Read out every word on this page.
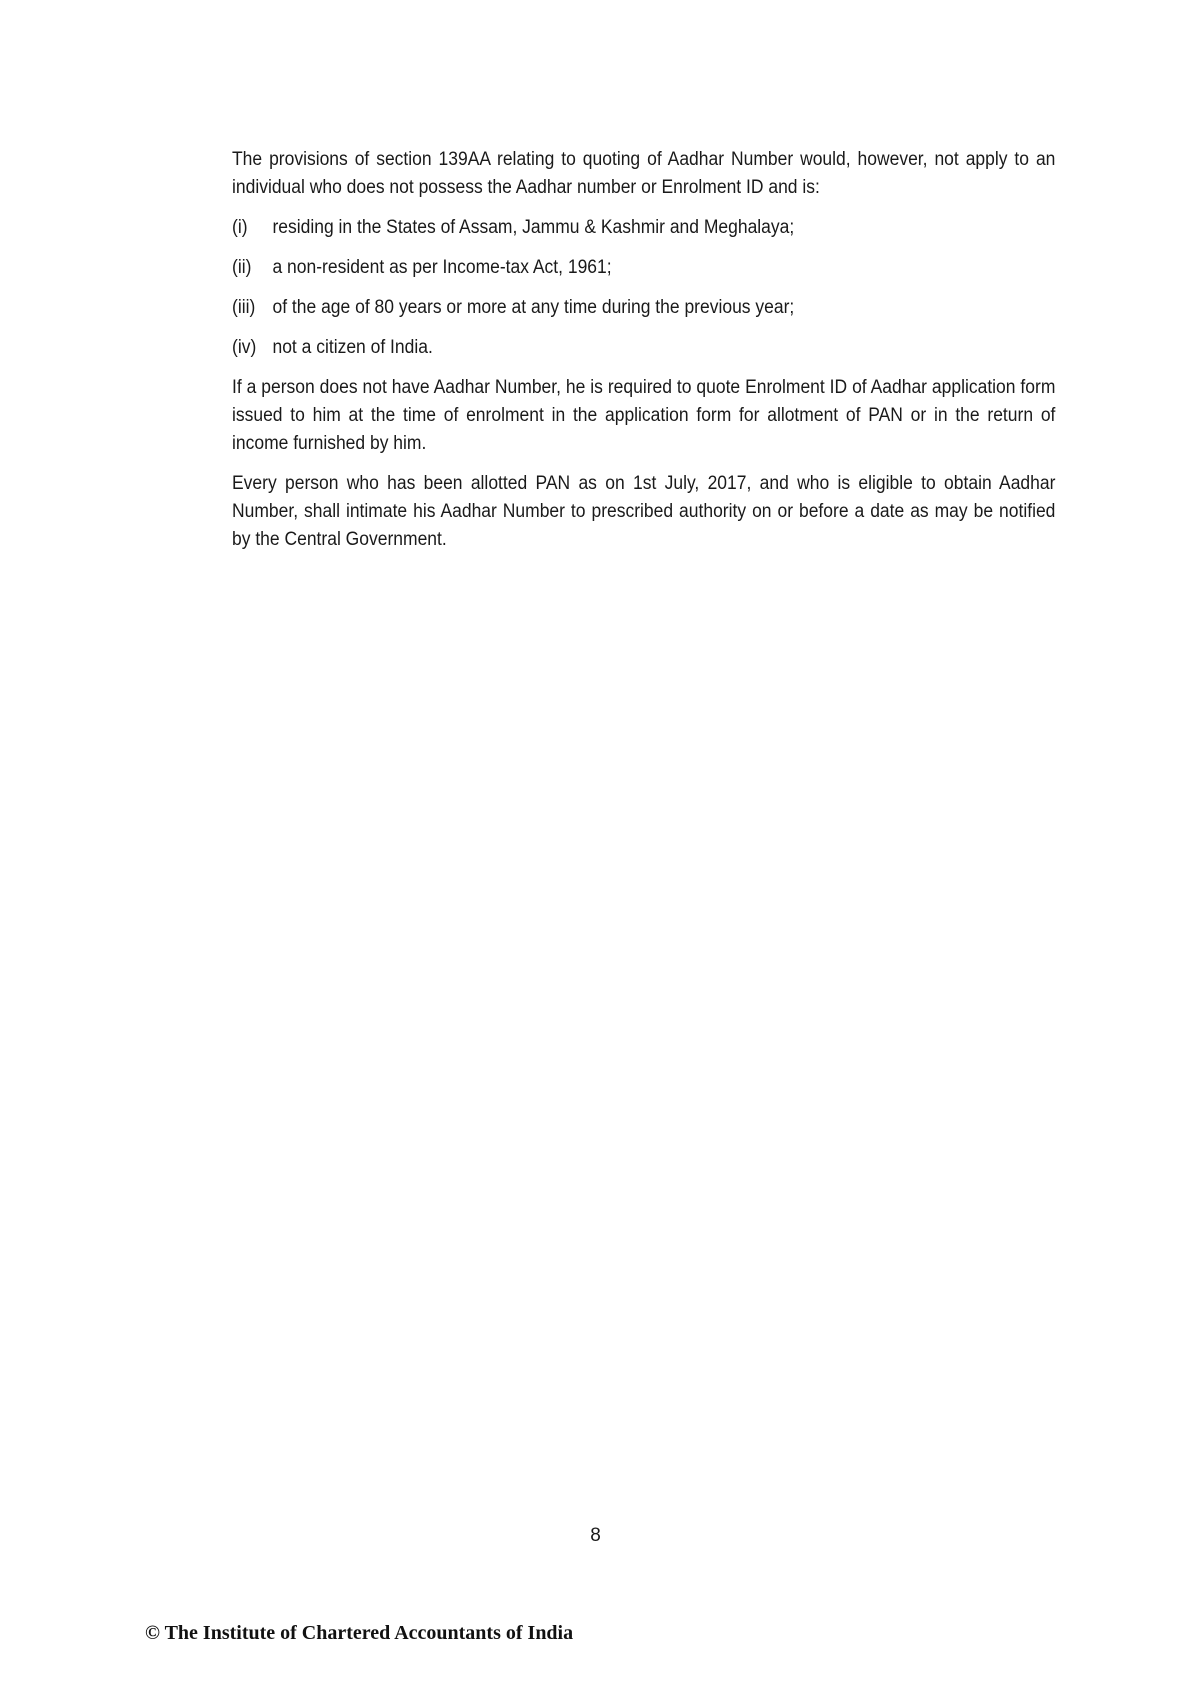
The provisions of section 139AA relating to quoting of Aadhar Number would, however, not apply to an individual who does not possess the Aadhar number or Enrolment ID and is:

(i)	residing in the States of Assam, Jammu & Kashmir and Meghalaya;
(ii)	a non-resident as per Income-tax Act, 1961;
(iii) of the age of 80 years or more at any time during the previous year;
(iv) not a citizen of India.

If a person does not have Aadhar Number, he is required to quote Enrolment ID of Aadhar application form issued to him at the time of enrolment in the application form for allotment of PAN or in the return of income furnished by him.

Every person who has been allotted PAN as on 1st July, 2017, and who is eligible to obtain Aadhar Number, shall intimate his Aadhar Number to prescribed authority on or before a date as may be notified by the Central Government.

8
© The Institute of Chartered Accountants of India
